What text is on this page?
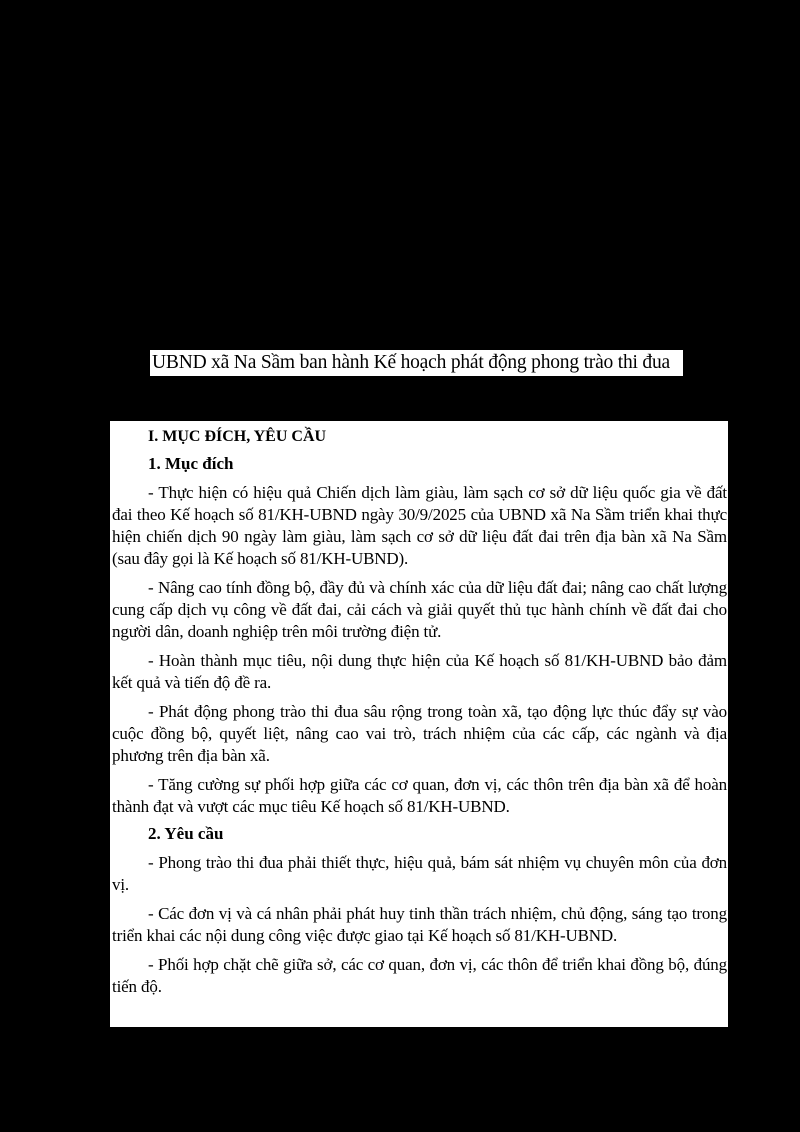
UBND xã Na Sầm ban hành Kế hoạch phát động phong trào thi đua

I. MỤC ĐÍCH, YÊU CẦU

1. Mục đích

- Thực hiện có hiệu quả Chiến dịch làm giàu, làm sạch cơ sở dữ liệu quốc gia về đất đai theo Kế hoạch số 81/KH-UBND ngày 30/9/2025 của UBND xã Na Sầm triển khai thực hiện chiến dịch 90 ngày làm giàu, làm sạch cơ sở dữ liệu đất đai trên địa bàn xã Na Sầm (sau đây gọi là Kế hoạch số 81/KH-UBND).

- Nâng cao tính đồng bộ, đầy đủ và chính xác của dữ liệu đất đai; nâng cao chất lượng cung cấp dịch vụ công về đất đai, cải cách và giải quyết thủ tục hành chính về đất đai cho người dân, doanh nghiệp trên môi trường điện tử.

- Hoàn thành mục tiêu, nội dung thực hiện của Kế hoạch số 81/KH-UBND bảo đảm kết quả và tiến độ đề ra.

- Phát động phong trào thi đua sâu rộng trong toàn xã, tạo động lực thúc đẩy sự vào cuộc đồng bộ, quyết liệt, nâng cao vai trò, trách nhiệm của các cấp, các ngành và địa phương trên địa bàn xã.

- Tăng cường sự phối hợp giữa các cơ quan, đơn vị, các thôn trên địa bàn xã để hoàn thành đạt và vượt các mục tiêu Kế hoạch số 81/KH-UBND.

2. Yêu cầu

- Phong trào thi đua phải thiết thực, hiệu quả, bám sát nhiệm vụ chuyên môn của đơn vị.

- Các đơn vị và cá nhân phải phát huy tinh thần trách nhiệm, chủ động, sáng tạo trong triển khai các nội dung công việc được giao tại Kế hoạch số 81/KH-UBND.

- Phối hợp chặt chẽ giữa sở, các cơ quan, đơn vị, các thôn để triển khai đồng bộ, đúng tiến độ.
